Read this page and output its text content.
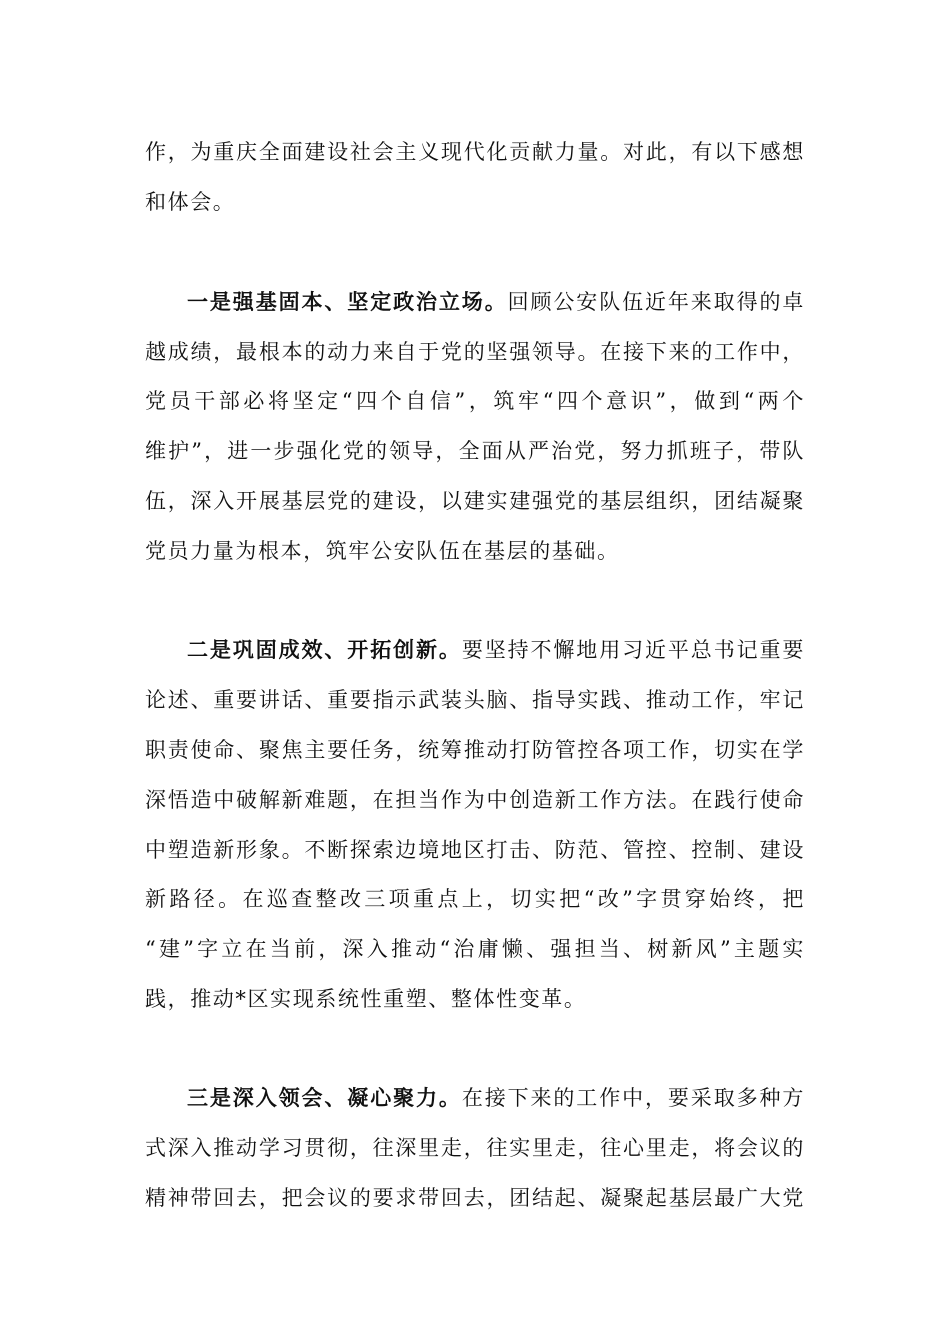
作，为重庆全面建设社会主义现代化贡献力量。对此，有以下感想
和体会。
一是强基固本、坚定政治立场。回顾公安队伍近年来取得的卓
越成绩，最根本的动力来自于党的坚强领导。在接下来的工作中，
党员干部必将坚定“四个自信”，筑牢“四个意识”，做到“两个
维护”，进一步强化党的领导，全面从严治党，努力抓班子，带队
伍，深入开展基层党的建设，以建实建强党的基层组织，团结凝聚
党员力量为根本，筑牢公安队伍在基层的基础。
二是巩固成效、开拓创新。要坚持不懈地用习近平总书记重要
论述、重要讲话、重要指示武装头脑、指导实践、推动工作，牢记
职责使命、聚焦主要任务，统筹推动打防管控各项工作，切实在学
深悟造中破解新难题，在担当作为中创造新工作方法。在践行使命
中塑造新形象。不断探索边境地区打击、防范、管控、控制、建设
新路径。在巡查整改三项重点上，切实把“改”字贯穿始终，把
“建”字立在当前，深入推动“治庸懒、强担当、树新风”主题实
践，推动*区实现系统性重塑、整体性变革。
三是深入领会、凝心聚力。在接下来的工作中，要采取多种方
式深入推动学习贯彻，往深里走，往实里走，往心里走，将会议的
精神带回去，把会议的要求带回去，团结起、凝聚起基层最广大党
